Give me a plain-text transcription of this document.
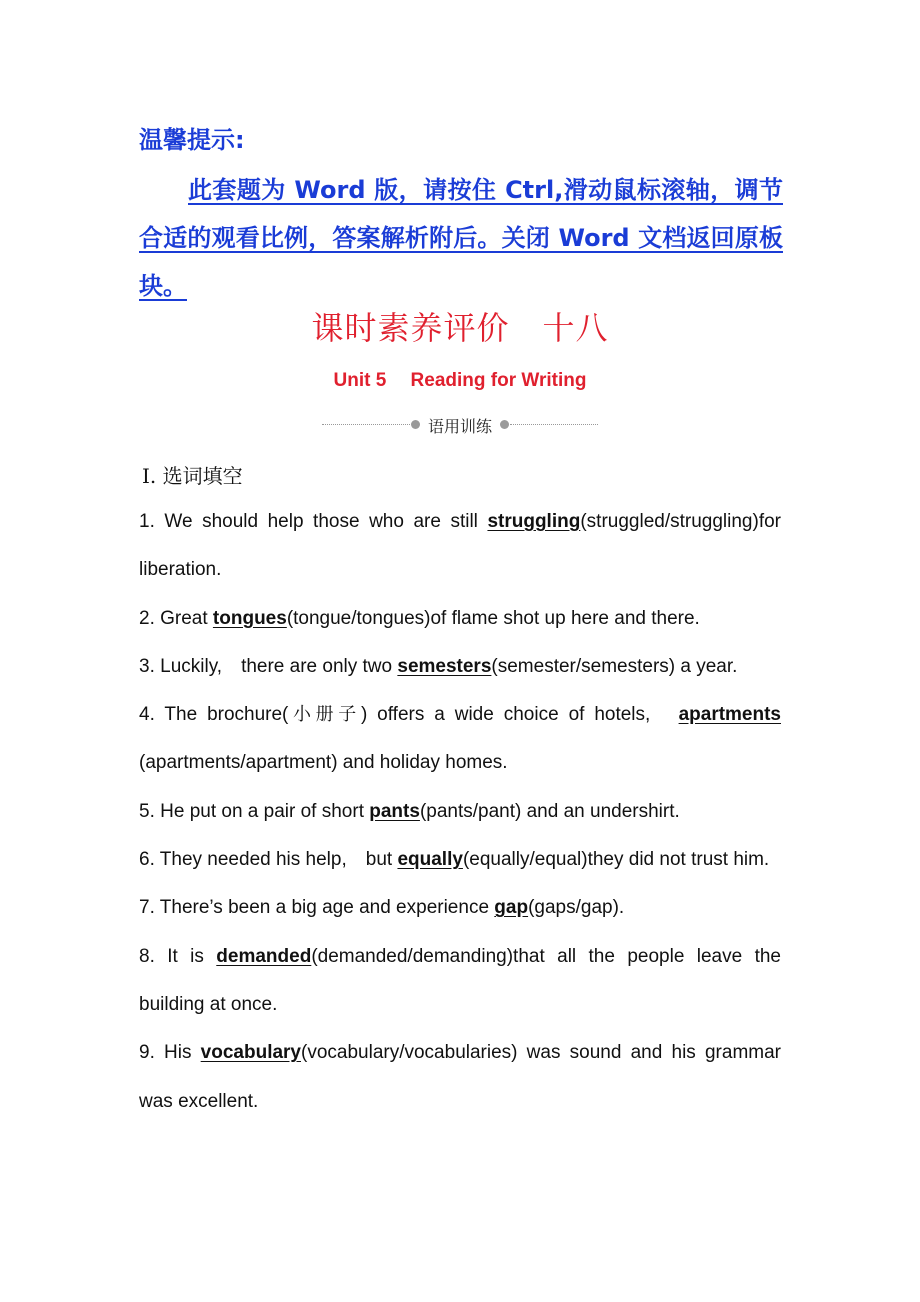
温馨提示:
此套题为 Word 版，请按住 Ctrl,滑动鼠标滚轴，调节合适的观看比例，答案解析附后。关闭 Word 文档返回原板块。
课时素养评价　十八
Unit 5　 Reading for Writing
语用训练
Ⅰ. 选词填空

1. We should help those who are still struggling(struggled/struggling)for liberation.

2. Great tongues(tongue/tongues)of flame shot up here and there.

3. Luckily,　there are only two semesters(semester/semesters) a year.

4. The brochure(小册子) offers a wide choice of hotels,　apartments (apartments/apartment) and holiday homes.

5. He put on a pair of short pants(pants/pant) and an undershirt.

6. They needed his help,　but equally(equally/equal)they did not trust him.

7. There’s been a big age and experience gap(gaps/gap).

8. It is demanded(demanded/demanding)that all the people leave the building at once.

9. His vocabulary(vocabulary/vocabularies) was sound and his grammar was excellent.
